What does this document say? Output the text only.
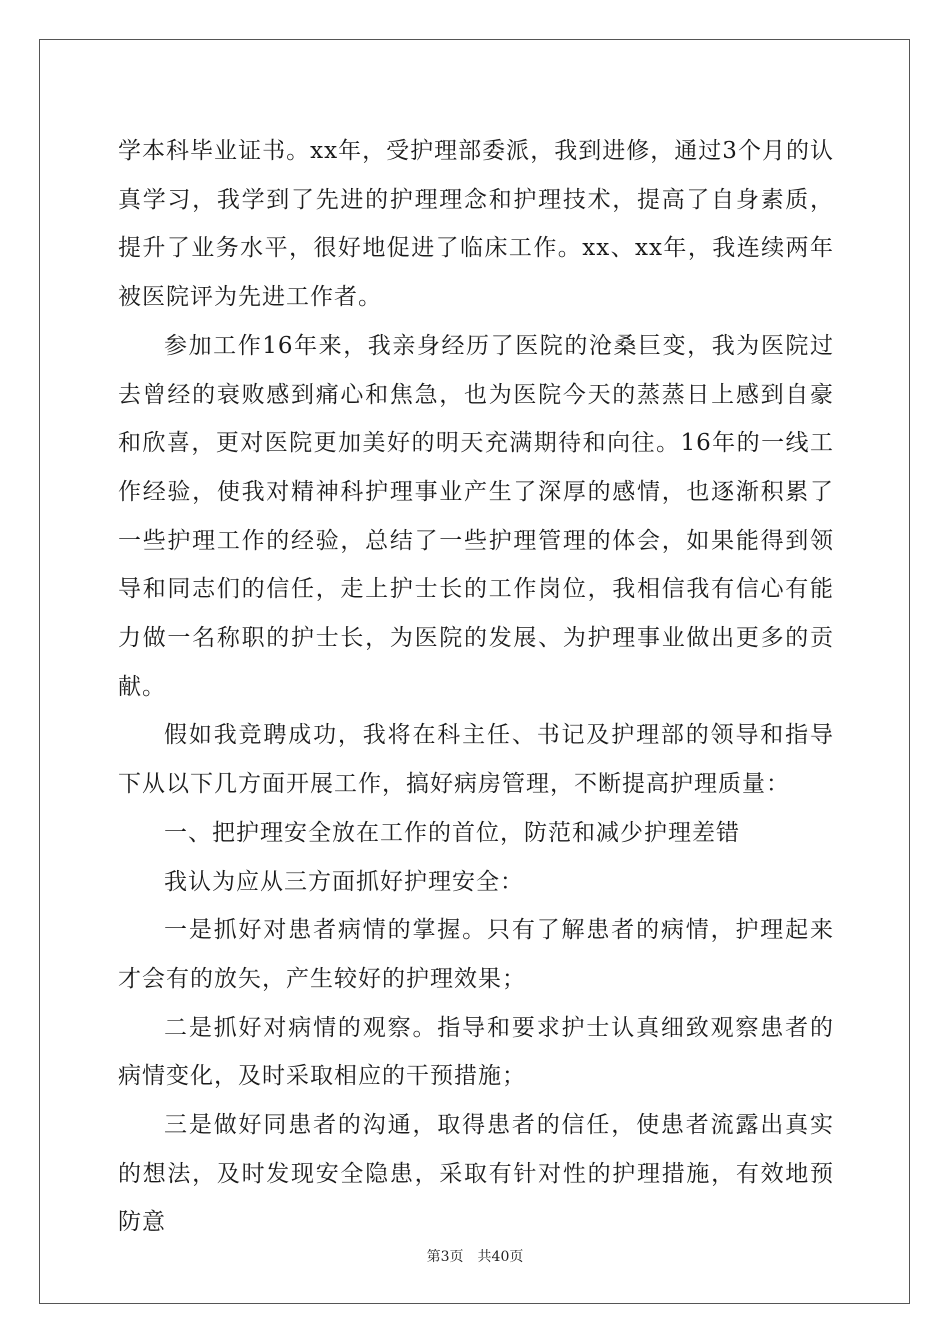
学本科毕业证书。xx年，受护理部委派，我到进修，通过3个月的认真学习，我学到了先进的护理理念和护理技术，提高了自身素质，提升了业务水平，很好地促进了临床工作。xx、xx年，我连续两年被医院评为先进工作者。

参加工作16年来，我亲身经历了医院的沧桑巨变，我为医院过去曾经的衰败感到痛心和焦急，也为医院今天的蒸蒸日上感到自豪和欣喜，更对医院更加美好的明天充满期待和向往。16年的一线工作经验，使我对精神科护理事业产生了深厚的感情，也逐渐积累了一些护理工作的经验，总结了一些护理管理的体会，如果能得到领导和同志们的信任，走上护士长的工作岗位，我相信我有信心有能力做一名称职的护士长，为医院的发展、为护理事业做出更多的贡献。

假如我竞聘成功，我将在科主任、书记及护理部的领导和指导下从以下几方面开展工作，搞好病房管理，不断提高护理质量：

一、把护理安全放在工作的首位，防范和减少护理差错

我认为应从三方面抓好护理安全：

一是抓好对患者病情的掌握。只有了解患者的病情，护理起来才会有的放矢，产生较好的护理效果；

二是抓好对病情的观察。指导和要求护士认真细致观察患者的病情变化，及时采取相应的干预措施；

三是做好同患者的沟通，取得患者的信任，使患者流露出真实的想法，及时发现安全隐患，采取有针对性的护理措施，有效地预防意

第3页 共40页
